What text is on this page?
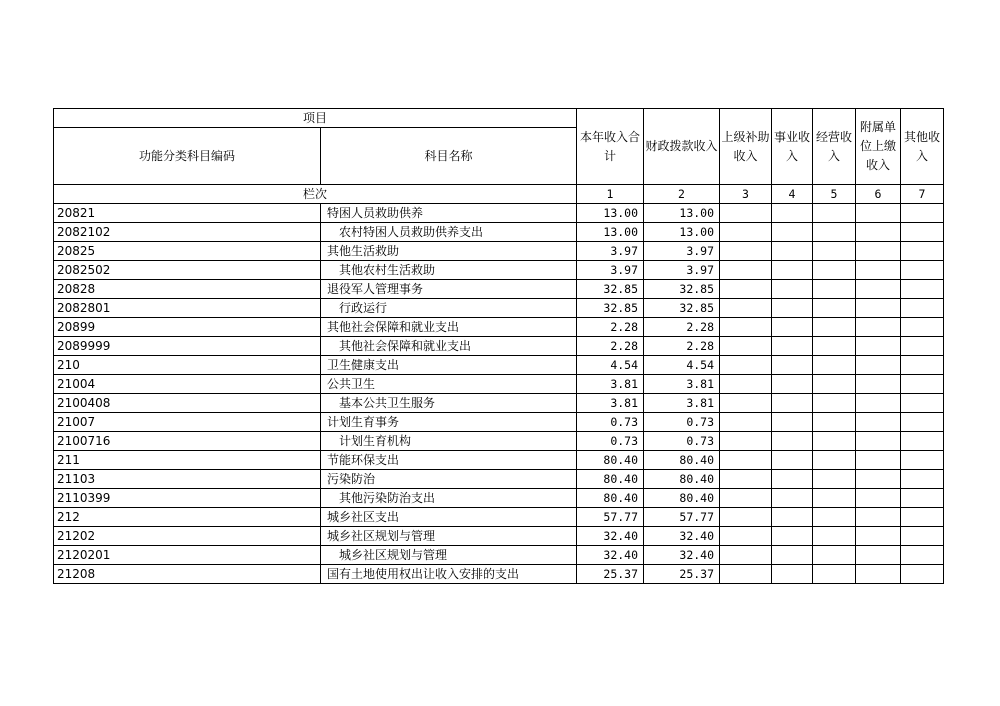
项目		本年收入合计	财政拨款收入	上级补助收入	事业收入	经营收入	附属单位上缴收入	其他收入
功能分类科目编码	科目名称							
栏次		1	2	3	4	5	6	7
20821	特困人员救助供养	13.00	13.00					
2082102	农村特困人员救助供养支出	13.00	13.00					
20825	其他生活救助	3.97	3.97					
2082502	其他农村生活救助	3.97	3.97					
20828	退役军人管理事务	32.85	32.85					
2082801	行政运行	32.85	32.85					
20899	其他社会保障和就业支出	2.28	2.28					
2089999	其他社会保障和就业支出	2.28	2.28					
210	卫生健康支出	4.54	4.54					
21004	公共卫生	3.81	3.81					
2100408	基本公共卫生服务	3.81	3.81					
21007	计划生育事务	0.73	0.73					
2100716	计划生育机构	0.73	0.73					
211	节能环保支出	80.40	80.40					
21103	污染防治	80.40	80.40					
2110399	其他污染防治支出	80.40	80.40					
212	城乡社区支出	57.77	57.77					
21202	城乡社区规划与管理	32.40	32.40					
2120201	城乡社区规划与管理	32.40	32.40					
21208	国有土地使用权出让收入安排的支出	25.37	25.37					
